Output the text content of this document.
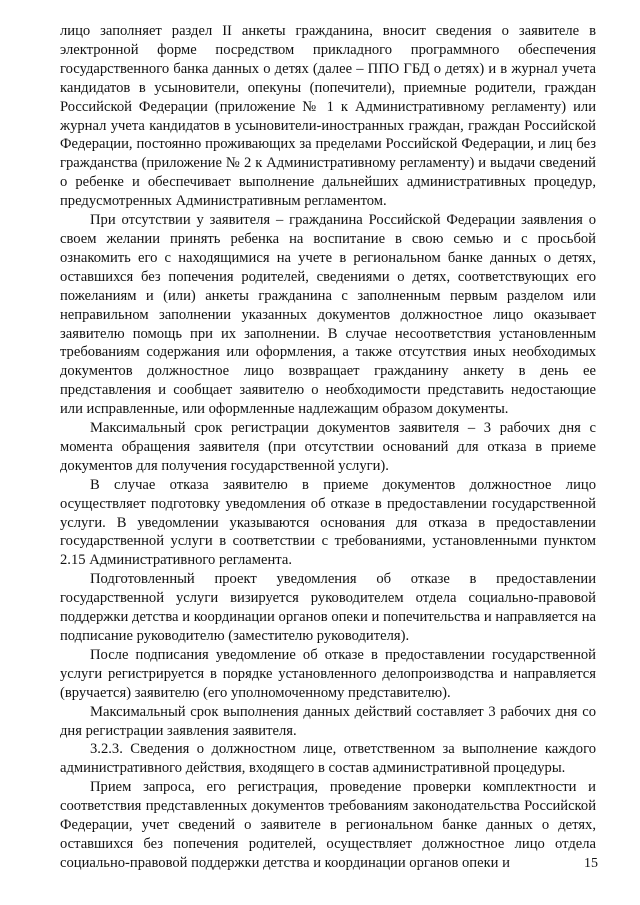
лицо заполняет раздел II анкеты гражданина, вносит сведения о заявителе в электронной форме посредством прикладного программного обеспечения государственного банка данных о детях (далее – ППО ГБД о детях) и в журнал учета кандидатов в усыновители, опекуны (попечители), приемные родители, граждан Российской Федерации (приложение № 1 к Административному регламенту) или журнал учета кандидатов в усыновители-иностранных граждан, граждан Российской Федерации, постоянно проживающих за пределами Российской Федерации, и лиц без гражданства (приложение № 2 к Административному регламенту) и выдачи сведений о ребенке и обеспечивает выполнение дальнейших административных процедур, предусмотренных Административным регламентом.

При отсутствии у заявителя – гражданина Российской Федерации заявления о своем желании принять ребенка на воспитание в свою семью и с просьбой ознакомить его с находящимися на учете в региональном банке данных о детях, оставшихся без попечения родителей, сведениями о детях, соответствующих его пожеланиям и (или) анкеты гражданина с заполненным первым разделом или неправильном заполнении указанных документов должностное лицо оказывает заявителю помощь при их заполнении. В случае несоответствия установленным требованиям содержания или оформления, а также отсутствия иных необходимых документов должностное лицо возвращает гражданину анкету в день ее представления и сообщает заявителю о необходимости представить недостающие или исправленные, или оформленные надлежащим образом документы.

Максимальный срок регистрации документов заявителя – 3 рабочих дня с момента обращения заявителя (при отсутствии оснований для отказа в приеме документов для получения государственной услуги).

В случае отказа заявителю в приеме документов должностное лицо осуществляет подготовку уведомления об отказе в предоставлении государственной услуги. В уведомлении указываются основания для отказа в предоставлении государственной услуги в соответствии с требованиями, установленными пунктом 2.15 Административного регламента.

Подготовленный проект уведомления об отказе в предоставлении государственной услуги визируется руководителем отдела социально-правовой поддержки детства и координации органов опеки и попечительства и направляется на подписание руководителю (заместителю руководителя).

После подписания уведомление об отказе в предоставлении государственной услуги регистрируется в порядке установленного делопроизводства и направляется (вручается) заявителю (его уполномоченному представителю).

Максимальный срок выполнения данных действий составляет 3 рабочих дня со дня регистрации заявления заявителя.

3.2.3. Сведения о должностном лице, ответственном за выполнение каждого административного действия, входящего в состав административной процедуры.

Прием запроса, его регистрация, проведение проверки комплектности и соответствия представленных документов требованиям законодательства Российской Федерации, учет сведений о заявителе в региональном банке данных о детях, оставшихся без попечения родителей, осуществляет должностное лицо отдела социально-правовой поддержки детства и координации органов опеки и	15
